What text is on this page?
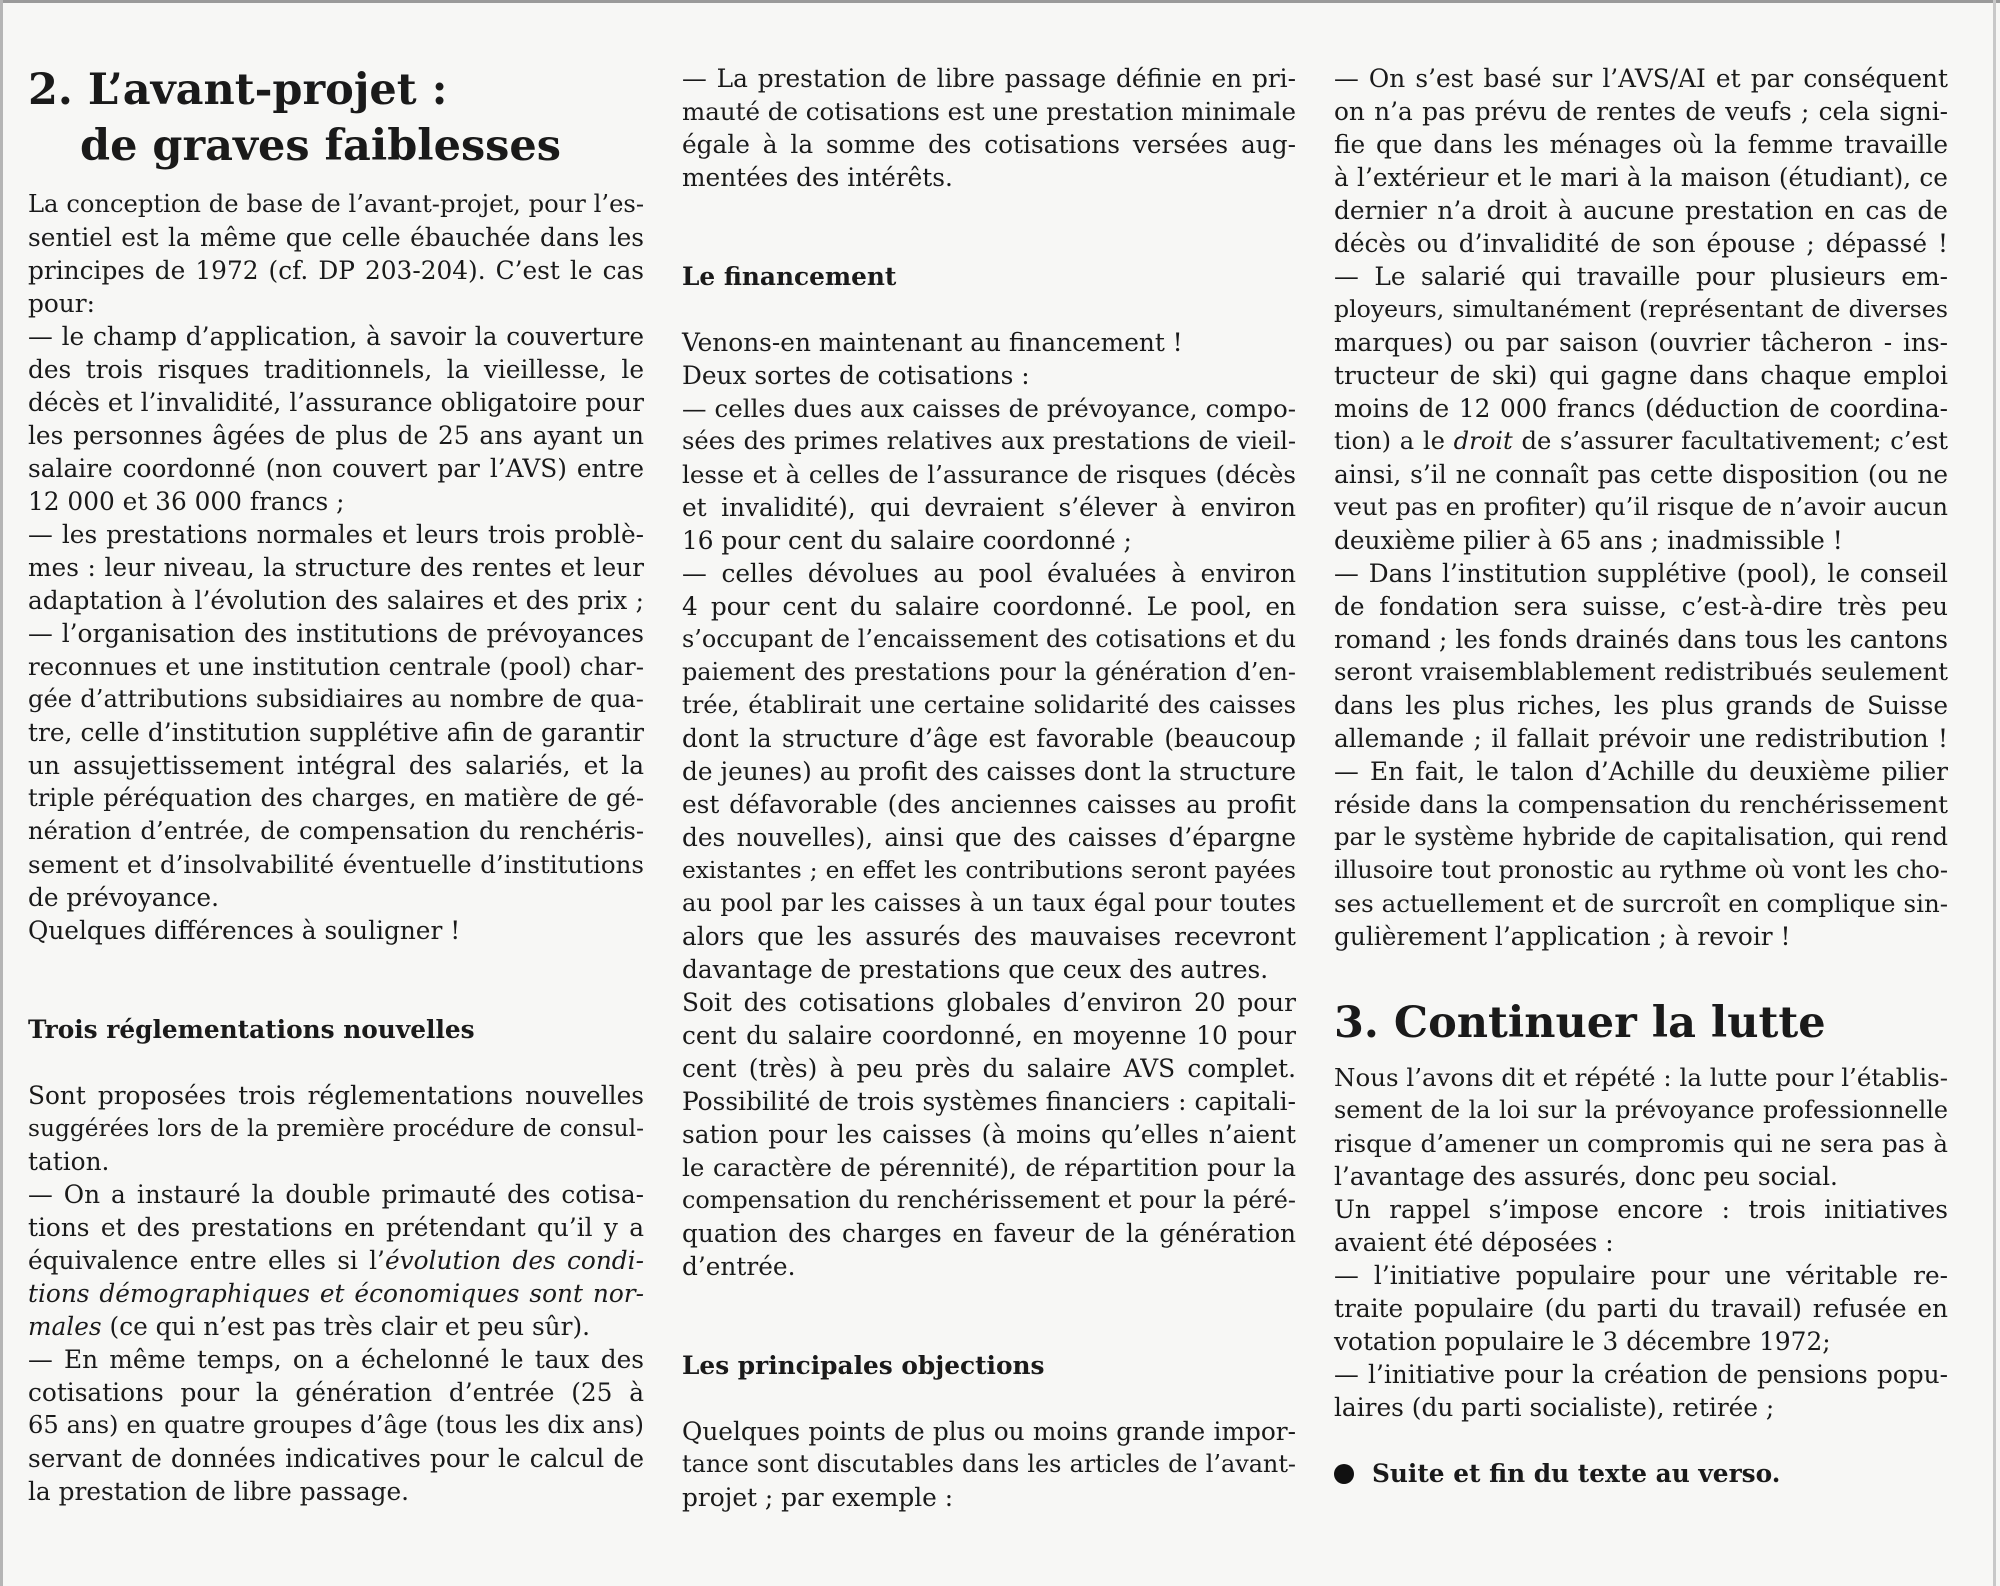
2. L’avant-projet :
de graves faiblesses
La conception de base de l’avant-projet, pour l’es-
sentiel est la même que celle ébauchée dans les
principes de 1972 (cf. DP 203-204). C’est le cas
pour:
— le champ d’application, à savoir la couverture
des trois risques traditionnels, la vieillesse, le
décès et l’invalidité, l’assurance obligatoire pour
les personnes âgées de plus de 25 ans ayant un
salaire coordonné (non couvert par l’AVS) entre
12 000 et 36 000 francs ;
— les prestations normales et leurs trois problè-
mes : leur niveau, la structure des rentes et leur
adaptation à l’évolution des salaires et des prix ;
— l’organisation des institutions de prévoyances
reconnues et une institution centrale (pool) char-
gée d’attributions subsidiaires au nombre de qua-
tre, celle d’institution supplétive afin de garantir
un assujettissement intégral des salariés, et la
triple péréquation des charges, en matière de gé-
nération d’entrée, de compensation du renchéris-
sement et d’insolvabilité éventuelle d’institutions
de prévoyance.
Quelques différences à souligner !
Trois réglementations nouvelles
Sont proposées trois réglementations nouvelles
suggérées lors de la première procédure de consul-
tation.
— On a instauré la double primauté des cotisa-
tions et des prestations en prétendant qu’il y a
équivalence entre elles si l’évolution des condi-
tions démographiques et économiques sont nor-
males (ce qui n’est pas très clair et peu sûr).
— En même temps, on a échelonné le taux des
cotisations pour la génération d’entrée (25 à
65 ans) en quatre groupes d’âge (tous les dix ans)
servant de données indicatives pour le calcul de
la prestation de libre passage.
— La prestation de libre passage définie en pri-
mauté de cotisations est une prestation minimale
égale à la somme des cotisations versées aug-
mentées des intérêts.
Le financement
Venons-en maintenant au financement !
Deux sortes de cotisations :
— celles dues aux caisses de prévoyance, compo-
sées des primes relatives aux prestations de vieil-
lesse et à celles de l’assurance de risques (décès
et invalidité), qui devraient s’élever à environ
16 pour cent du salaire coordonné ;
— celles dévolues au pool évaluées à environ
4 pour cent du salaire coordonné. Le pool, en
s’occupant de l’encaissement des cotisations et du
paiement des prestations pour la génération d’en-
trée, établirait une certaine solidarité des caisses
dont la structure d’âge est favorable (beaucoup
de jeunes) au profit des caisses dont la structure
est défavorable (des anciennes caisses au profit
des nouvelles), ainsi que des caisses d’épargne
existantes ; en effet les contributions seront payées
au pool par les caisses à un taux égal pour toutes
alors que les assurés des mauvaises recevront
davantage de prestations que ceux des autres.
Soit des cotisations globales d’environ 20 pour
cent du salaire coordonné, en moyenne 10 pour
cent (très) à peu près du salaire AVS complet.
Possibilité de trois systèmes financiers : capitali-
sation pour les caisses (à moins qu’elles n’aient
le caractère de pérennité), de répartition pour la
compensation du renchérissement et pour la péré-
quation des charges en faveur de la génération
d’entrée.
Les principales objections
Quelques points de plus ou moins grande impor-
tance sont discutables dans les articles de l’avant-
projet ; par exemple :
— On s’est basé sur l’AVS/AI et par conséquent
on n’a pas prévu de rentes de veufs ; cela signi-
fie que dans les ménages où la femme travaille
à l’extérieur et le mari à la maison (étudiant), ce
dernier n’a droit à aucune prestation en cas de
décès ou d’invalidité de son épouse ; dépassé !
— Le salarié qui travaille pour plusieurs em-
ployeurs, simultanément (représentant de diverses
marques) ou par saison (ouvrier tâcheron - ins-
tructeur de ski) qui gagne dans chaque emploi
moins de 12 000 francs (déduction de coordina-
tion) a le droit de s’assurer facultativement; c’est
ainsi, s’il ne connaît pas cette disposition (ou ne
veut pas en profiter) qu’il risque de n’avoir aucun
deuxième pilier à 65 ans ; inadmissible !
— Dans l’institution supplétive (pool), le conseil
de fondation sera suisse, c’est-à-dire très peu
romand ; les fonds drainés dans tous les cantons
seront vraisemblablement redistribués seulement
dans les plus riches, les plus grands de Suisse
allemande ; il fallait prévoir une redistribution !
— En fait, le talon d’Achille du deuxième pilier
réside dans la compensation du renchérissement
par le système hybride de capitalisation, qui rend
illusoire tout pronostic au rythme où vont les cho-
ses actuellement et de surcroît en complique sin-
gulièrement l’application ; à revoir !
3. Continuer la lutte
Nous l’avons dit et répété : la lutte pour l’établis-
sement de la loi sur la prévoyance professionnelle
risque d’amener un compromis qui ne sera pas à
l’avantage des assurés, donc peu social.
Un rappel s’impose encore : trois initiatives
avaient été déposées :
— l’initiative populaire pour une véritable re-
traite populaire (du parti du travail) refusée en
votation populaire le 3 décembre 1972;
— l’initiative pour la création de pensions popu-
laires (du parti socialiste), retirée ;
Suite et fin du texte au verso.
